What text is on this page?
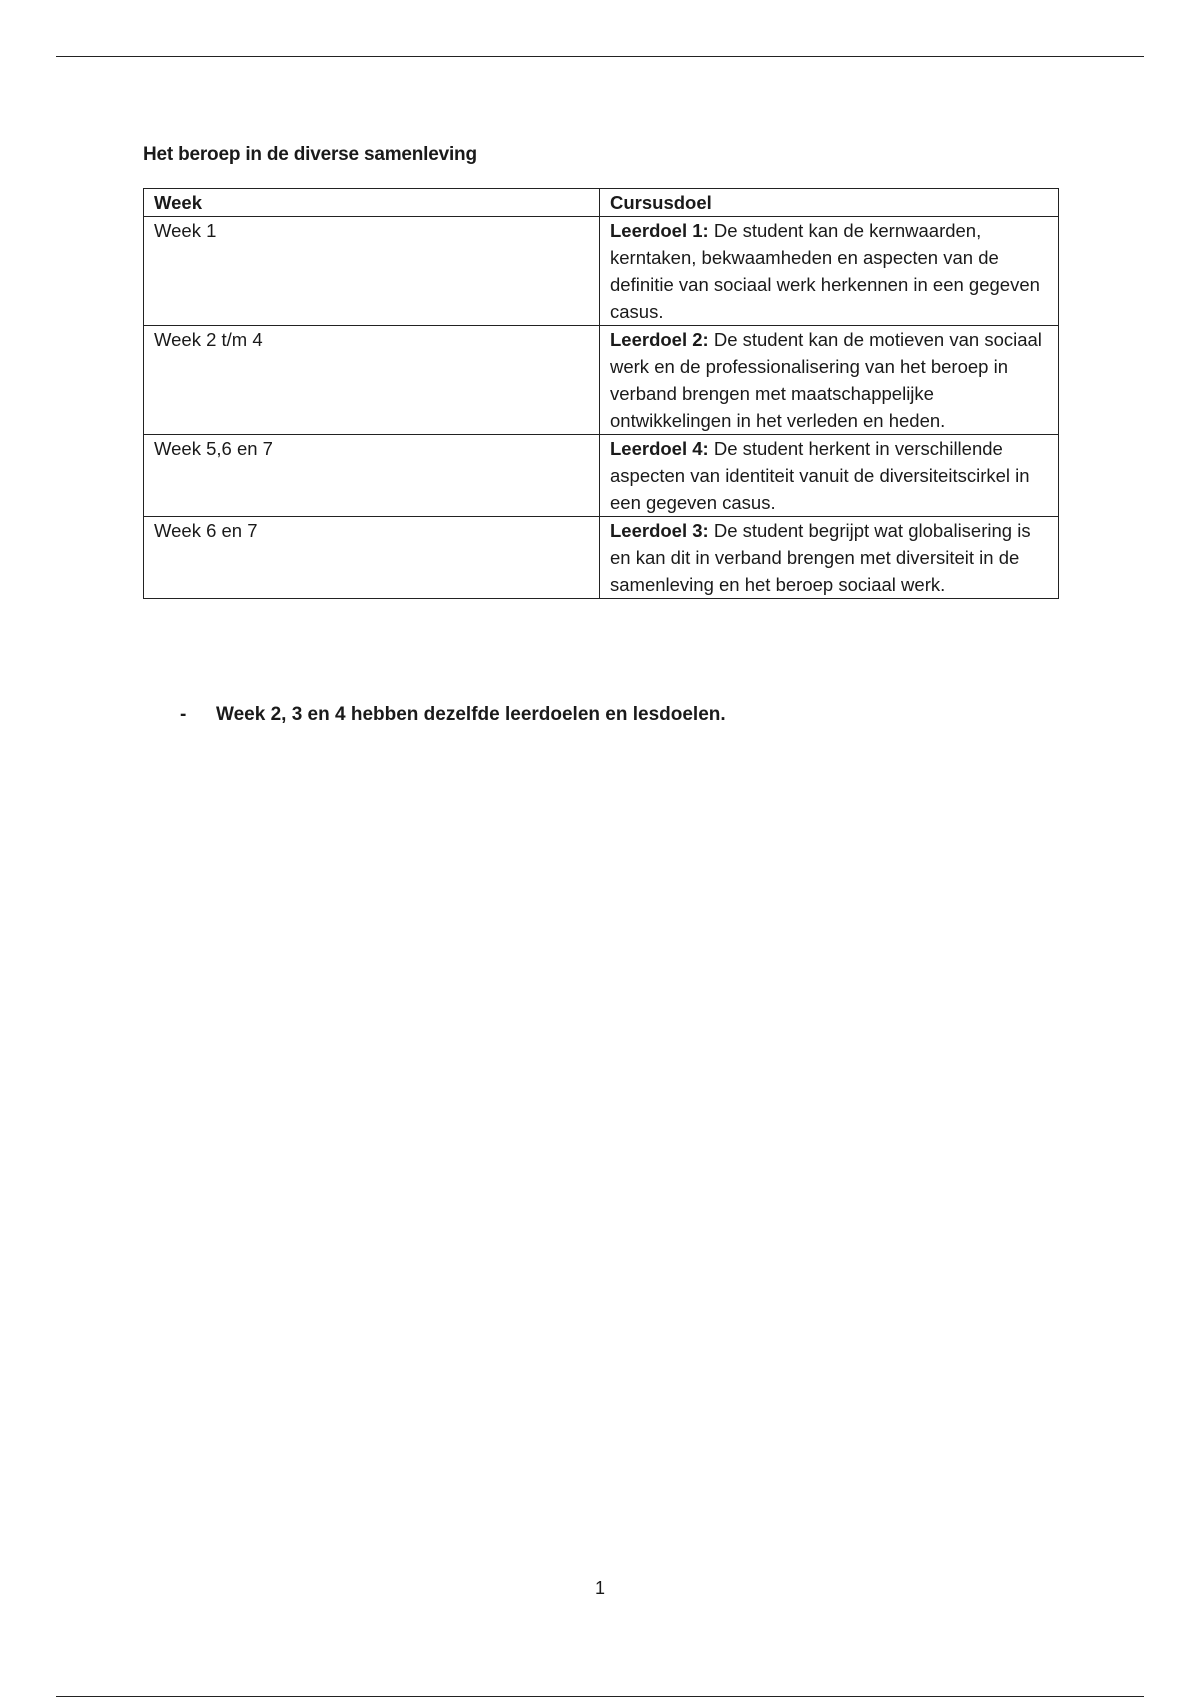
Het beroep in de diverse samenleving
Week	Cursusdoel
Week 1	Leerdoel 1: De student kan de kernwaarden, kerntaken, bekwaamheden en aspecten van de definitie van sociaal werk herkennen in een gegeven casus.
Week 2 t/m 4	Leerdoel 2: De student kan de motieven van sociaal werk en de professionalisering van het beroep in verband brengen met maatschappelijke ontwikkelingen in het verleden en heden.
Week 5,6 en 7	Leerdoel 4: De student herkent in verschillende aspecten van identiteit vanuit de diversiteitscirkel in een gegeven casus.
Week 6 en 7	Leerdoel 3: De student begrijpt wat globalisering is en kan dit in verband brengen met diversiteit in de samenleving en het beroep sociaal werk.
- Week 2, 3 en 4 hebben dezelfde leerdoelen en lesdoelen.
1
